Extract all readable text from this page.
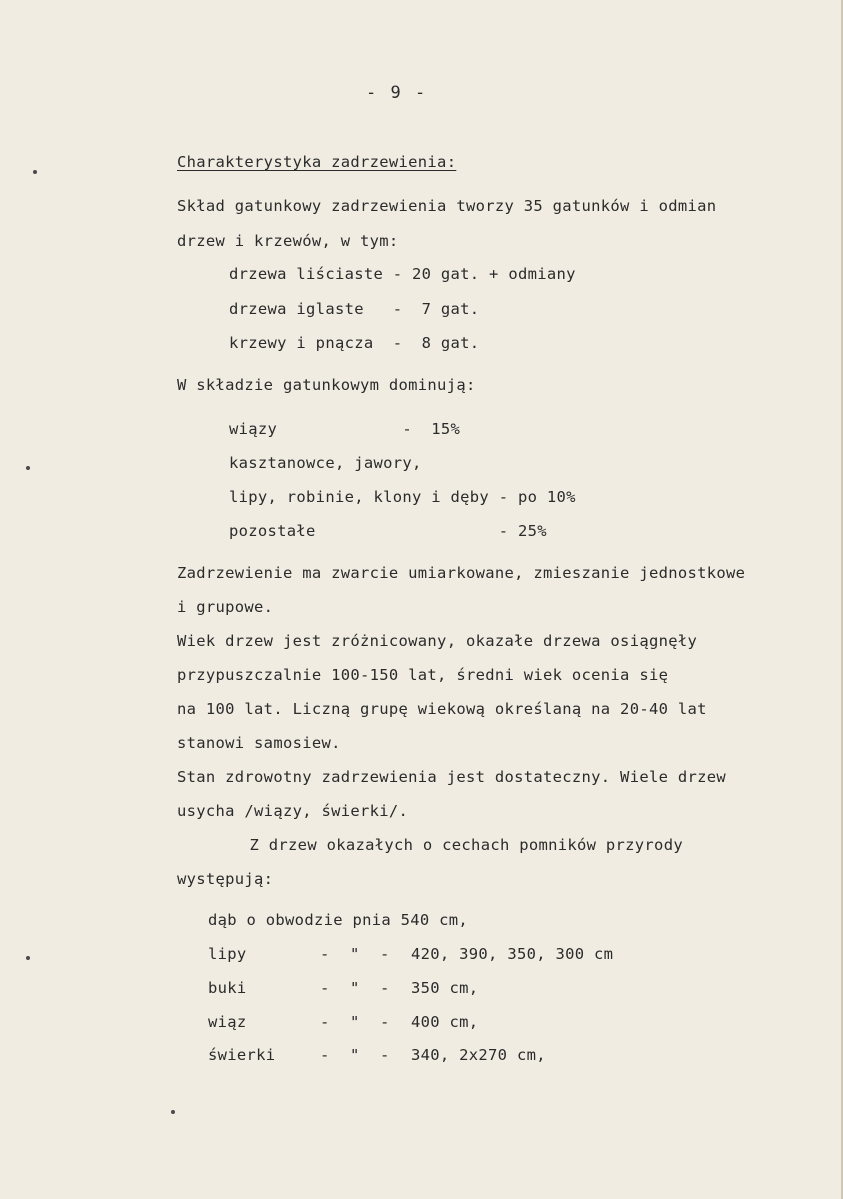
- 9 -
Charakterystyka zadrzewienia:
Skład gatunkowy zadrzewienia tworzy 35 gatunków i odmian
drzew i krzewów, w tym:
drzewa liściaste - 20 gat. + odmiany
drzewa iglaste   -  7 gat.
krzewy i pnącza  -  8 gat.
W składzie gatunkowym dominują:
wiązy             -  15%
kasztanowce, jawory,
lipy, robinie, klony i dęby - po 10%
pozostałe                   - 25%
Zadrzewienie ma zwarcie umiarkowane, zmieszanie jednostkowe
i grupowe.
Wiek drzew jest zróżnicowany, okazałe drzewa osiągnęły
przypuszczalnie 100-150 lat, średni wiek ocenia się
na 100 lat. Liczną grupę wiekową określaną na 20-40 lat
stanowi samosiew.
Stan zdrowotny zadrzewienia jest dostateczny. Wiele drzew
usycha /wiązy, świerki/.
Z drzew okazałych o cechach pomników przyrody
występują:
dąb o obwodzie pnia 540 cm,
lipy	- " - 420, 390, 350, 300 cm
buki	- " - 350 cm,
wiąz	- " - 400 cm,
świerki	- " - 340, 2x270 cm,
